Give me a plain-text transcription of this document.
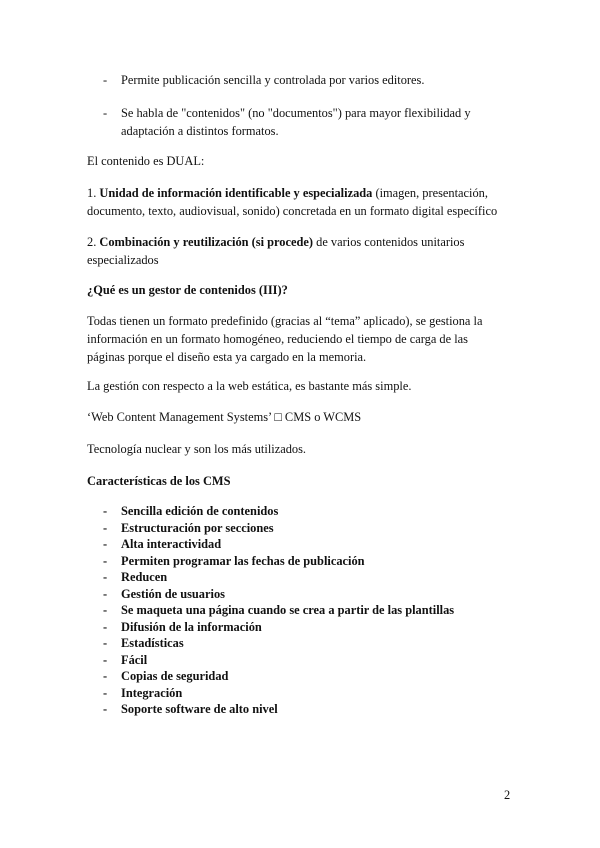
-	Permite publicación sencilla y controlada por varios editores.
-	Se habla de "contenidos" (no "documentos") para mayor flexibilidad y adaptación a distintos formatos.
El contenido es DUAL:
1. Unidad de información identificable y especializada (imagen, presentación, documento, texto, audiovisual, sonido) concretada en un formato digital específico
2. Combinación y reutilización (si procede) de varios contenidos unitarios especializados
¿Qué es un gestor de contenidos (III)?
Todas tienen un formato predefinido (gracias al “tema” aplicado), se gestiona la información en un formato homogéneo, reduciendo el tiempo de carga de las páginas porque el diseño esta ya cargado en la memoria.
La gestión con respecto a la web estática, es bastante más simple.
‘Web Content Management Systems’ □ CMS o WCMS
Tecnología nuclear y son los más utilizados.
Características de los CMS
-	Sencilla edición de contenidos
-	Estructuración por secciones
-	Alta interactividad
-	Permiten programar las fechas de publicación
-	Reducen
-	Gestión de usuarios
-	Se maqueta una página cuando se crea a partir de las plantillas
-	Difusión de la información
-	Estadísticas
-	Fácil
-	Copias de seguridad
-	Integración
-	Soporte software de alto nivel
2
